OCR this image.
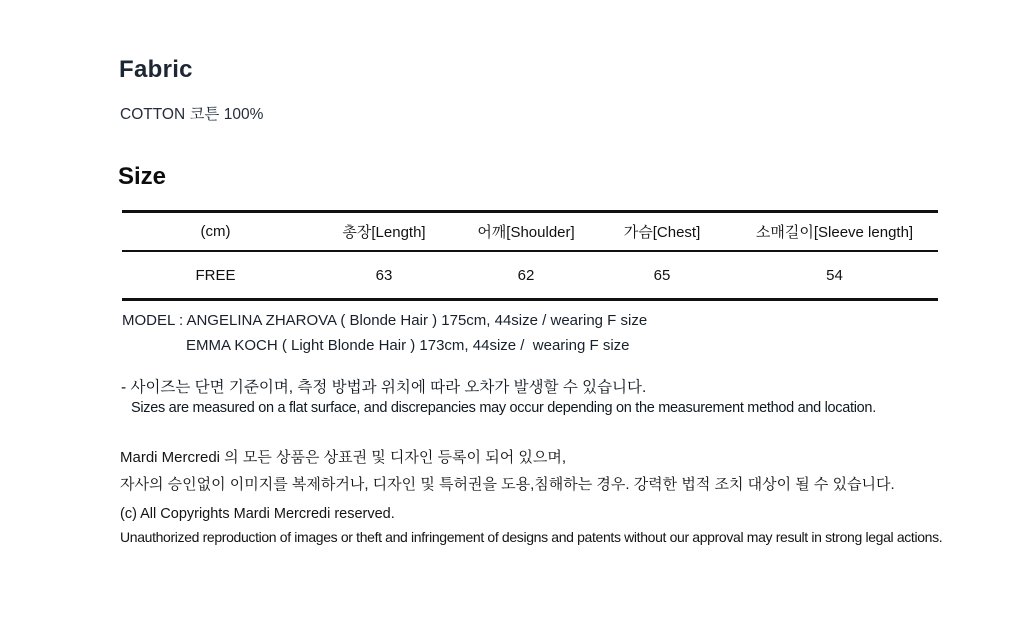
Fabric

COTTON 코튼 100%

Size
(cm)	총장[Length]	어깨[Shoulder]	가슴[Chest]	소매길이[Sleeve length]
FREE	63	62	65	54

MODEL : ANGELINA ZHAROVA ( Blonde Hair ) 175cm, 44size / wearing F size

EMMA KOCH ( Light Blonde Hair ) 173cm, 44size /  wearing F size

- 사이즈는 단면 기준이며, 측정 방법과 위치에 따라 오차가 발생할 수 있습니다.

Sizes are measured on a flat surface, and discrepancies may occur depending on the measurement method and location.

Mardi Mercredi 의 모든 상품은 상표권 및 디자인 등록이 되어 있으며,

자사의 승인없이 이미지를 복제하거나, 디자인 및 특허권을 도용,침해하는 경우. 강력한 법적 조치 대상이 될 수 있습니다.

(c) All Copyrights Mardi Mercredi reserved.

Unauthorized reproduction of images or theft and infringement of designs and patents without our approval may result in strong legal actions.
